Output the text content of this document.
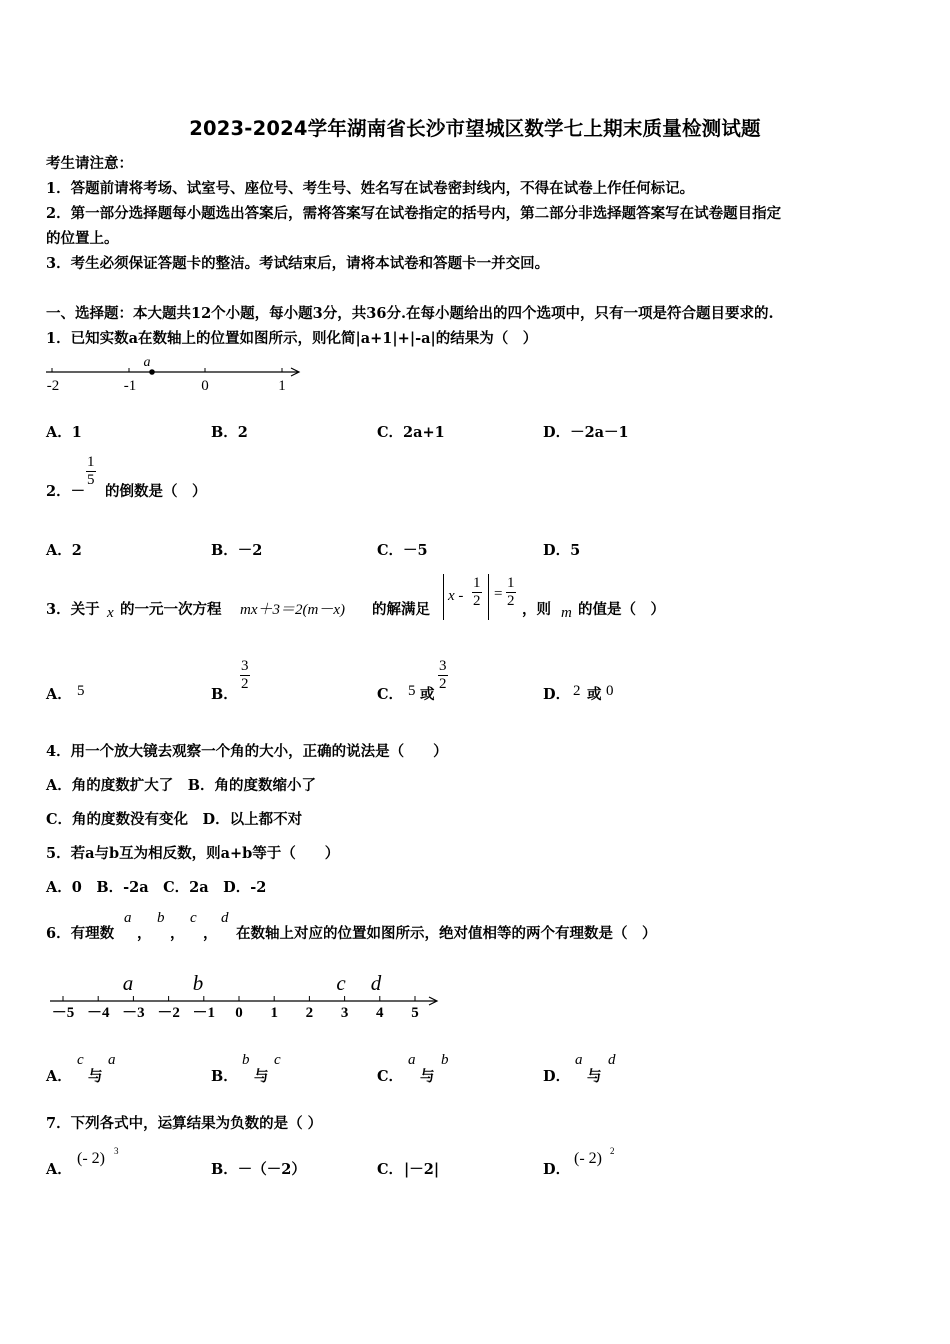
2023-2024学年湖南省长沙市望城区数学七上期末质量检测试题
考生请注意：
1．答题前请将考场、试室号、座位号、考生号、姓名写在试卷密封线内，不得在试卷上作任何标记。
2．第一部分选择题每小题选出答案后，需将答案写在试卷指定的括号内，第二部分非选择题答案写在试卷题目指定
的位置上。
3．考生必须保证答题卡的整洁。考试结束后，请将本试卷和答题卡一并交回。
一、选择题：本大题共12个小题，每小题3分，共36分.在每小题给出的四个选项中，只有一项是符合题目要求的.
1．已知实数a在数轴上的位置如图所示，则化简|a+1|+|-a|的结果为（　）
-2	-1	0	1
a
A．1	B．2	C．2a+1	D．－2a－1
2．－
$\frac{1}{5}$
的倒数是（　）
A．2	B．－2	C．－5	D．5
3．关于 x 的一元一次方程 mx＋3＝2(m－x) 的解满足
$x - \frac{1}{2} = \frac{1}{2}$ ，则 m 的值是（　）
A． 5	B．
$\frac{3}{2}$
C． 5 或
$\frac{3}{2}$
D． 2 或 0
4．用一个放大镜去观察一个角的大小，正确的说法是（　　）
A．角的度数扩大了　B．角的度数缩小了
C．角的度数没有变化　D．以上都不对
5．若a与b互为相反数，则a+b等于（　　）
A．0　B．-2a　C．2a　D．-2
6．有理数
a
，
b
，
c
，
d
在数轴上对应的位置如图所示，绝对值相等的两个有理数是（　）
－5 －4 －3 －2 －1 0 1 2 3 4 5
a	b	c d
A．
c
与
a
B．
b
与
c
C．
a
与
b
D．
a
与
d
7．下列各式中，运算结果为负数的是（ ）
A．
(- 2) 3
B．－（－2）	C． |－2|	D．
(- 2) 2
